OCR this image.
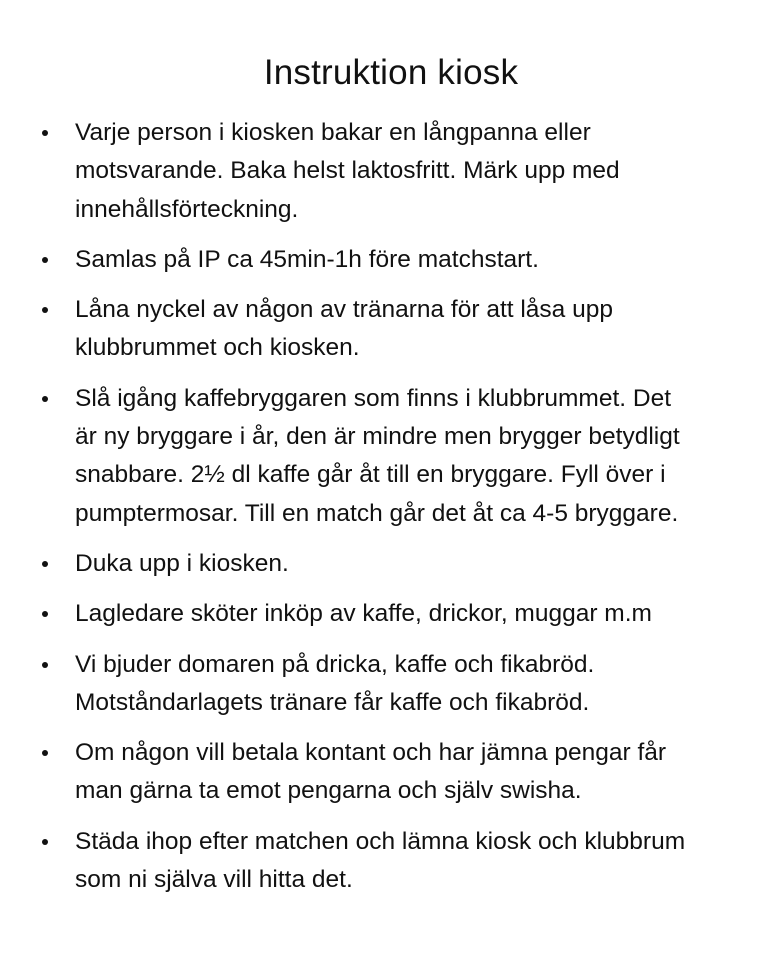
Instruktion kiosk
Varje person i kiosken bakar en långpanna eller
motsvarande. Baka helst laktosfritt. Märk upp med
innehållsförteckning.
Samlas på IP ca 45min-1h före matchstart.
Låna nyckel av någon av tränarna för att låsa upp
klubbrummet och kiosken.
Slå igång kaffebryggaren som finns i klubbrummet. Det
är ny bryggare i år, den är mindre men brygger betydligt
snabbare. 2½ dl kaffe går åt till en bryggare. Fyll över i
pumptermosar. Till en match går det åt ca 4-5 bryggare.
Duka upp i kiosken.
Lagledare sköter inköp av kaffe, drickor, muggar m.m
Vi bjuder domaren på dricka, kaffe och fikabröd.
Motståndarlagets tränare får kaffe och fikabröd.
Om någon vill betala kontant och har jämna pengar får
man gärna ta emot pengarna och själv swisha.
Städa ihop efter matchen och lämna kiosk och klubbrum
som ni själva vill hitta det.
